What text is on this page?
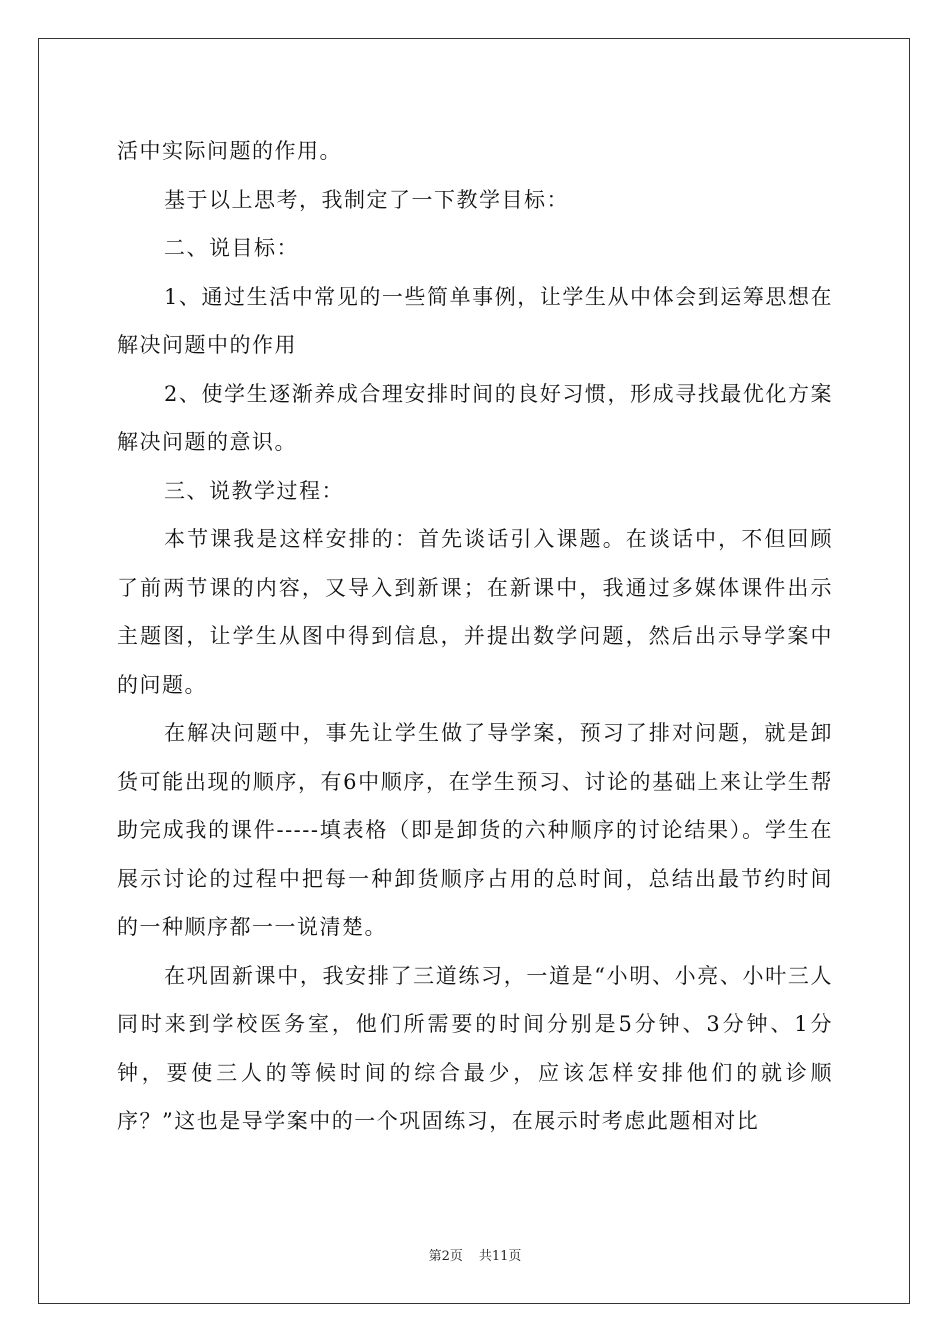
活中实际问题的作用。

基于以上思考，我制定了一下教学目标：

二、说目标：

1、通过生活中常见的一些简单事例，让学生从中体会到运筹思想在解决问题中的作用

2、使学生逐渐养成合理安排时间的良好习惯，形成寻找最优化方案解决问题的意识。

三、说教学过程：

本节课我是这样安排的：首先谈话引入课题。在谈话中，不但回顾了前两节课的内容，又导入到新课；在新课中，我通过多媒体课件出示主题图，让学生从图中得到信息，并提出数学问题，然后出示导学案中的问题。

在解决问题中，事先让学生做了导学案，预习了排对问题，就是卸货可能出现的顺序，有6中顺序，在学生预习、讨论的基础上来让学生帮助完成我的课件-----填表格（即是卸货的六种顺序的讨论结果）。学生在展示讨论的过程中把每一种卸货顺序占用的总时间，总结出最节约时间的一种顺序都一一说清楚。

在巩固新课中，我安排了三道练习，一道是“小明、小亮、小叶三人同时来到学校医务室，他们所需要的时间分别是5分钟、3分钟、1分钟，要使三人的等候时间的综合最少，应该怎样安排他们的就诊顺序？”这也是导学案中的一个巩固练习，在展示时考虑此题相对比

第2页 共11页
